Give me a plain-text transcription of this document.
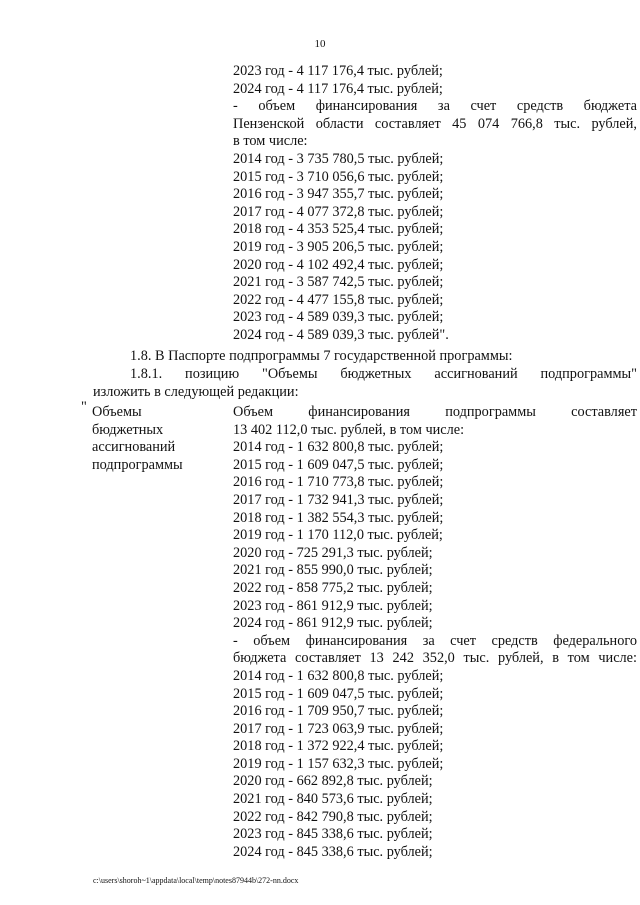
10
2023 год - 4 117 176,4 тыс. рублей;
2024 год - 4 117 176,4 тыс. рублей;
- объем финансирования за счет средств бюджета
Пензенской области составляет 45 074 766,8 тыс. рублей,
в том числе:
2014 год - 3 735 780,5 тыс. рублей;
2015 год - 3 710 056,6 тыс. рублей;
2016 год - 3 947 355,7 тыс. рублей;
2017 год - 4 077 372,8 тыс. рублей;
2018 год - 4 353 525,4 тыс. рублей;
2019 год - 3 905 206,5 тыс. рублей;
2020 год - 4 102 492,4 тыс. рублей;
2021 год - 3 587 742,5 тыс. рублей;
2022 год - 4 477 155,8 тыс. рублей;
2023 год - 4 589 039,3 тыс. рублей;
2024 год - 4 589 039,3 тыс. рублей".
1.8. В Паспорте подпрограммы 7 государственной программы:
1.8.1. позицию "Объемы бюджетных ассигнований подпрограммы"
изложить в следующей редакции:
" Объемы
бюджетных
ассигнований
подпрограммы
Объем финансирования подпрограммы составляет
13 402 112,0 тыс. рублей, в том числе:
2014 год - 1 632 800,8 тыс. рублей;
2015 год - 1 609 047,5 тыс. рублей;
2016 год - 1 710 773,8 тыс. рублей;
2017 год - 1 732 941,3 тыс. рублей;
2018 год - 1 382 554,3 тыс. рублей;
2019 год - 1 170 112,0 тыс. рублей;
2020 год - 725 291,3 тыс. рублей;
2021 год - 855 990,0 тыс. рублей;
2022 год - 858 775,2 тыс. рублей;
2023 год - 861 912,9 тыс. рублей;
2024 год - 861 912,9 тыс. рублей;
- объем финансирования за счет средств федерального
бюджета составляет 13 242 352,0 тыс. рублей, в том числе:
2014 год - 1 632 800,8 тыс. рублей;
2015 год - 1 609 047,5 тыс. рублей;
2016 год - 1 709 950,7 тыс. рублей;
2017 год - 1 723 063,9 тыс. рублей;
2018 год - 1 372 922,4 тыс. рублей;
2019 год - 1 157 632,3 тыс. рублей;
2020 год - 662 892,8 тыс. рублей;
2021 год - 840 573,6 тыс. рублей;
2022 год - 842 790,8 тыс. рублей;
2023 год - 845 338,6 тыс. рублей;
2024 год - 845 338,6 тыс. рублей;
c:\users\shoroh~1\appdata\local\temp\notes87944b\272-nn.docx
